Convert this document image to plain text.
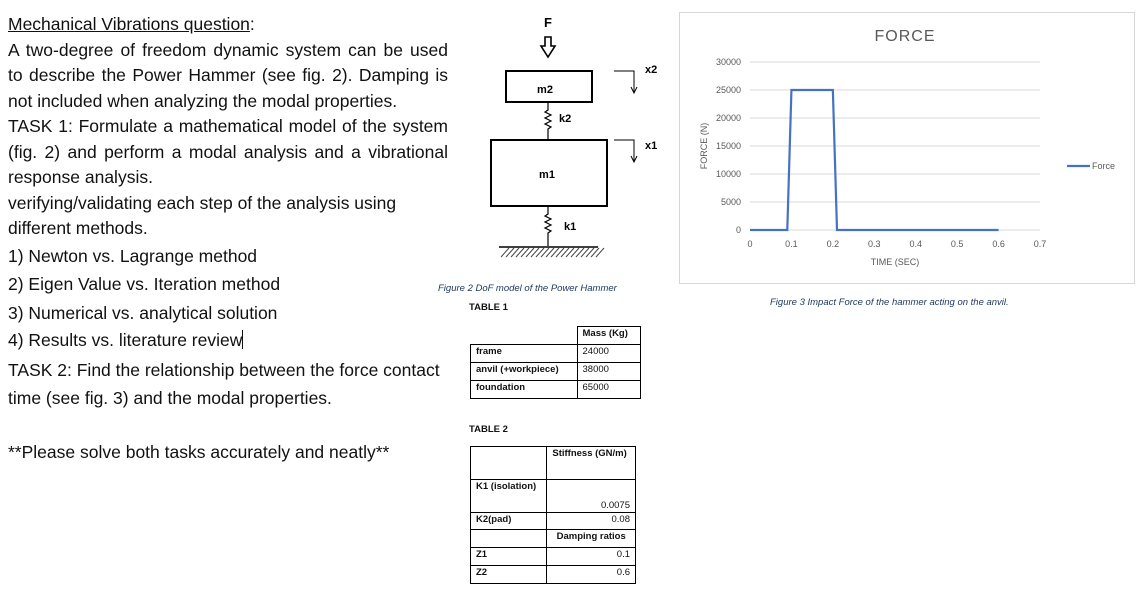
Mechanical Vibrations question:

A two-degree of freedom dynamic system can be used to describe the Power Hammer (see fig. 2). Damping is not included when analyzing the modal properties.

TASK 1: Formulate a mathematical model of the system (fig. 2) and perform a modal analysis and a vibrational response analysis.

verifying/validating each step of the analysis using different methods.

1) Newton vs. Lagrange method

2) Eigen Value vs. Iteration method

3) Numerical vs. analytical solution

4) Results vs. literature review

TASK 2: Find the relationship between the force contact time (see fig. 3) and the modal properties.

**Please solve both tasks accurately and neatly**

F
m2
x2
k2
m1
x1
k1
Figure 2 DoF model of the Power Hammer
TABLE 1
	Mass (Kg)
frame	24000
anvil (+workpiece)	38000
foundation	65000
TABLE 2
	Stiffness (GN/m)
K1 (isolation)	0.0075
K2(pad)	0.08
	Damping ratios
Z1	0.1
Z2	0.6
FORCE
0
5000
10000
15000
20000
25000
30000
0	0.1	0.2	0.3	0.4	0.5	0.6	0.7
TIME (SEC)
FORCE (N)	Force
Figure 3 Impact Force of the hammer acting on the anvil.
